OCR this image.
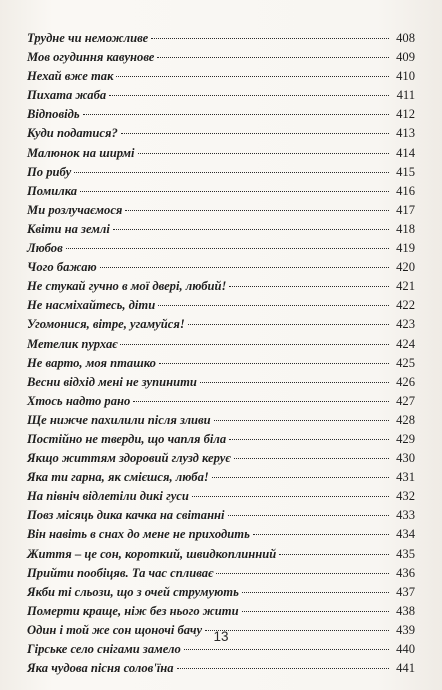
Трудне чи неможливе	408
Мов огудиння кавунове	409
Нехай вже так	410
Пихата жаба	411
Відповідь	412
Куди податися?	413
Малюнок на ширмі	414
По рибу	415
Помилка	416
Ми розлучаємося	417
Квіти на землі	418
Любов	419
Чого бажаю	420
Не стукай гучно в мої двері, любий!	421
Не насміхайтесь, діти	422
Угомонися, вітре, угамуйся!	423
Метелик пурхає	424
Не варто, моя пташко	425
Весни відхід мені не зупинити	426
Хтось надто рано	427
Ще нижче пахилили після зливи	428
Постійно не тверди, що чапля біла	429
Якщо життям здоровий глузд керує	430
Яка ти гарна, як смієшся, люба!	431
На північ відлетіли дикі гуси	432
Повз місяць дика качка на світанні	433
Він навіть в снах до мене не приходить	434
Життя – це сон, короткий, швидкоплинний	435
Прийти пообіцяв. Та час спливає	436
Якби ті сльози, що з очей струмують	437
Померти краще, ніж без нього жити	438
Один і той же сон щоночі бачу	439
Гірське село снігами замело	440
Яка чудова пісня солов'їна	441
13
